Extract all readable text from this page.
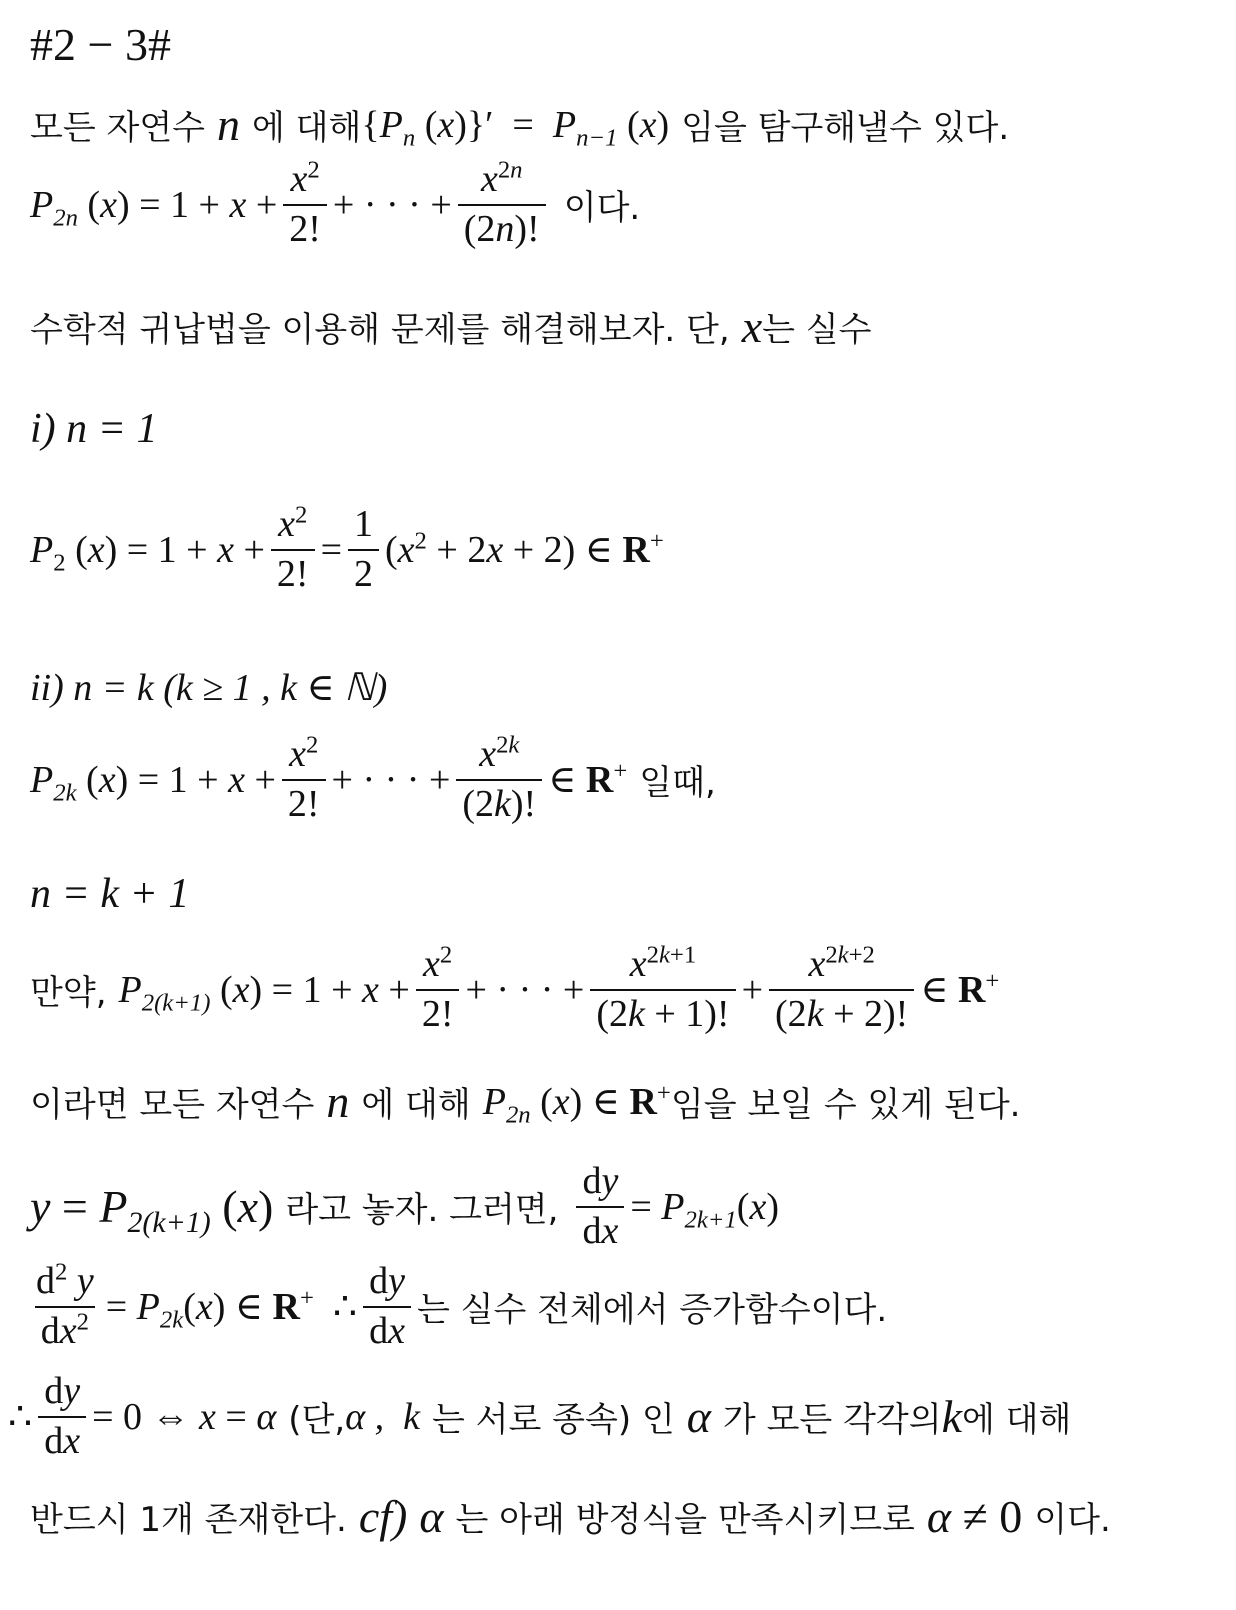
#2 − 3#
모든 자연수 n 에 대해 {$P_n$ $(x)\}' = P_{n-1}$ (x) 임을 탐구해낼수 있다.
$P_{2n}$ $(x) = 1 + x + \frac{x^2}{2!}$ + · · · + $\frac{x^{2n}}{(2n)!}$ 이다.
수학적 귀납법을 이용해 문제를 해결해보자. 단, x 는 실수
i) n = 1
$P_2$ $(x) = 1 + x + \frac{x^2}{2!} = \frac{1}{2} (x^2 + 2x + 2)$ ∈ R+
ii) n = k (k ≥ 1 , k ∈ ℕ)
$P_{2k}$ $(x) = 1 + x + \frac{x^2}{2!}$ + · · · + $\frac{x^{2k}}{(2k)!}$ ∈ R+ 일때,
n = k + 1
만약, $P_{2(k+1)}$ $(x) = 1 + x + \frac{x^2}{2!}$ + · · · + $\frac{x^{2k+1}}{(2k + 1)!} + \frac{x^{2k+2}}{(2k + 2)!}$ ∈ R+
이라면 모든 자연수 n 에 대해 $P_{2n}$ (x) ∈ R+ 임을 보일 수 있게 된다.
$y = P_{2(k+1)}$ (x) 라고 놓자. 그러면, $\frac{dy}{dx} = P_{2k+1}(x)$
$\frac{d^2 y}{dx^2} = P_{2k}(x)$ ∈ R+  ∴ $\frac{dy}{dx}$ 는 실수 전체에서 증가함수이다.
∴ $\frac{dy}{dx} = 0$ ⇔ x = α (단, α ,  k 는 서로 종속) 인 α 가 모든 각각의 k 에 대해
반드시 1개 존재한다. cf) α 는 아래 방정식을 만족시키므로 α ≠ 0 이다.
